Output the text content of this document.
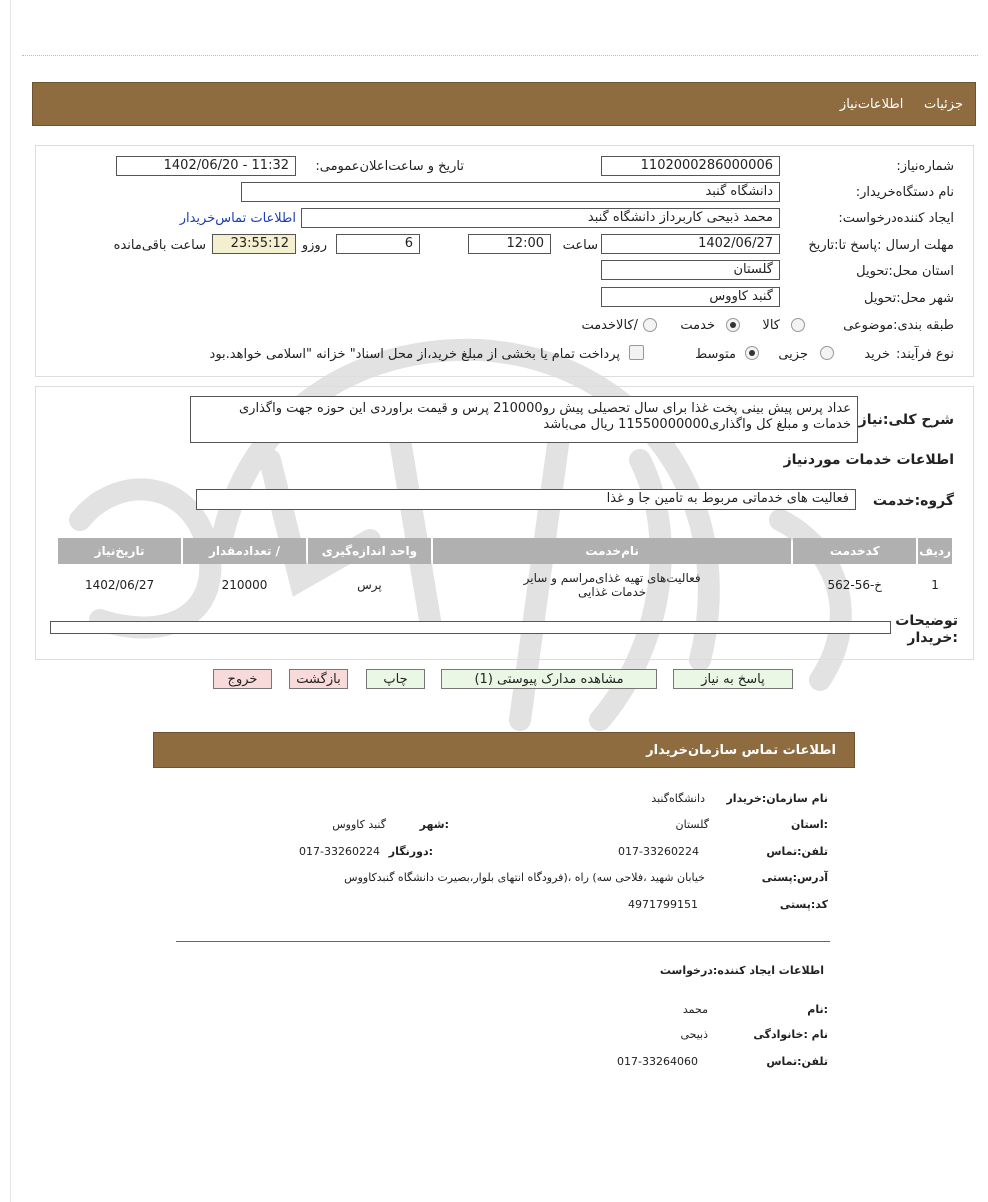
جزئیات     اطلاعات‌نیاز
شماره‌نیاز:
1102000286000006
تاریخ و ساعت‌اعلان‌عمومی:
1402/06/20 - 11:32
نام دستگاه‌خریدار:
دانشگاه گنبد
ایجاد کننده‌درخواست:
محمد ذبیحی کاربرداز دانشگاه گنبد
اطلاعات تماس‌خریدار
مهلت ارسال :پاسخ تا:تاریخ
1402/06/27
ساعت
12:00
6
روزو
23:55:12
ساعت باقی‌مانده
استان محل:تحویل
گلستان
شهر محل:تحویل
گنبد کاووس
طبقه بندی:موضوعی
کالا
خدمت
/کالاخدمت
نوع فرآیند:
خرید
جزیی
متوسط
پرداخت تمام یا بخشی از مبلغ خرید،از محل اسناد" خزانه "اسلامی خواهد.بود
شرح کلی:نیاز
عداد پرس پیش بینی پخت غذا برای سال تحصیلی پیش رو210000 پرس و قیمت براوردی این حوزه جهت واگذاری خدمات و مبلغ کل واگذاری11550000000 ریال می‌باشد
اطلاعات خدمات موردنیاز
گروه:خدمت
فعالیت های خدماتی مربوط به تامین جا و غذا
ردیف	کدخدمت	نام‌خدمت	واحد اندازه‌گیری	/ تعدادمقدار	تاریخ‌نیاز
1	خ-56-562	فعالیت‌های تهیه غذای‌مراسم و سایر
خدمات غذایی	پرس	210000	1402/06/27
توضیحات :خریدار
پاسخ به نیاز
مشاهده مدارک پیوستی (1)
چاپ
بازگشت
خروج
اطلاعات تماس سازمان‌خریدار
نام سازمان:خریدار
دانشگاه‌گنبد
:استان
گلستان
:شهر
گنبد کاووس
تلفن:تماس
017-33260224
:دورنگار
017-33260224
آدرس:پستی
خیابان شهید ،فلاحی سه) راه ،(فرودگاه انتهای بلوار،بصیرت دانشگاه گنبدکاووس
کد:پستی
4971799151
اطلاعات ایجاد کننده:درخواست
:نام
محمد
نام :خانوادگی
ذبیحی
تلفن:تماس
017-33264060
